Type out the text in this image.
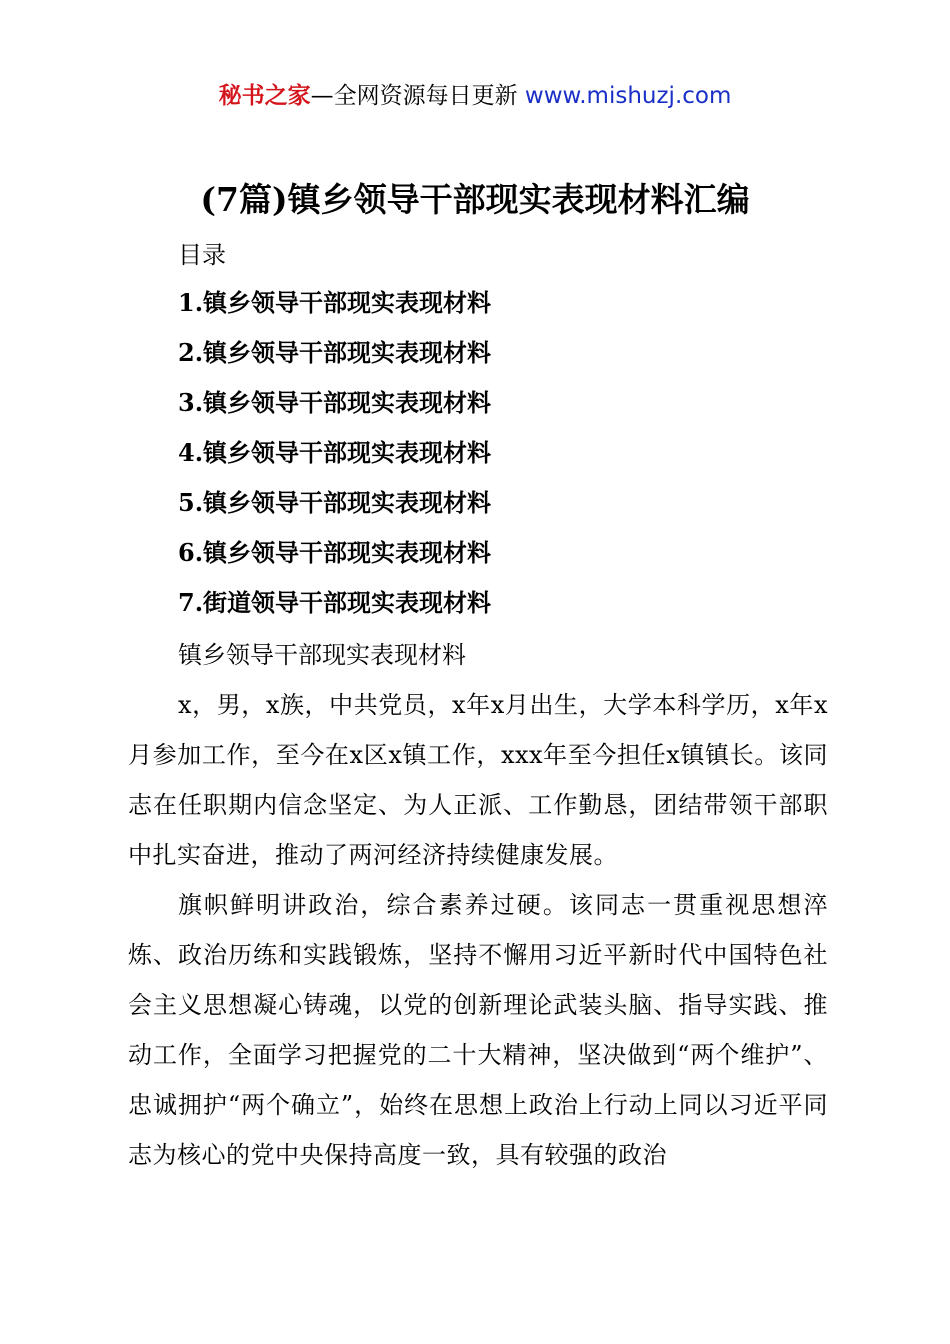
秘书之家—全网资源每日更新 www.mishuzj.com
(7篇)镇乡领导干部现实表现材料汇编
目录
1.镇乡领导干部现实表现材料
2.镇乡领导干部现实表现材料
3.镇乡领导干部现实表现材料
4.镇乡领导干部现实表现材料
5.镇乡领导干部现实表现材料
6.镇乡领导干部现实表现材料
7.街道领导干部现实表现材料
镇乡领导干部现实表现材料

x，男，x族，中共党员，x年x月出生，大学本科学历，x年x月参加工作，至今在x区x镇工作，xxx年至今担任x镇镇长。该同志在任职期内信念坚定、为人正派、工作勤恳，团结带领干部职中扎实奋进，推动了两河经济持续健康发展。

旗帜鲜明讲政治，综合素养过硬。该同志一贯重视思想淬炼、政治历练和实践锻炼，坚持不懈用习近平新时代中国特色社会主义思想凝心铸魂，以党的创新理论武装头脑、指导实践、推动工作，全面学习把握党的二十大精神，坚决做到“两个维护”、忠诚拥护“两个确立”，始终在思想上政治上行动上同以习近平同志为核心的党中央保持高度一致，具有较强的政治
